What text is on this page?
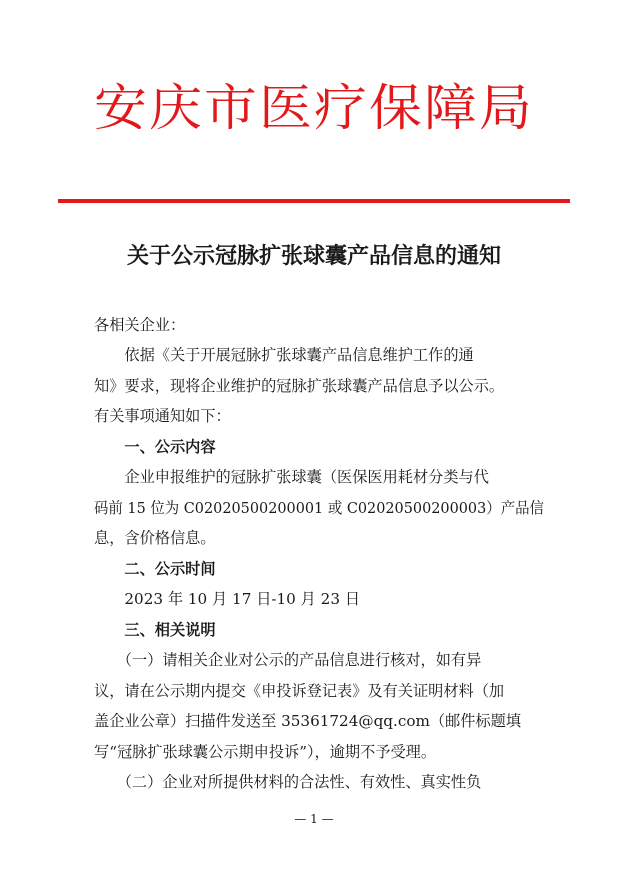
安庆市医疗保障局
关于公示冠脉扩张球囊产品信息的通知
各相关企业：
　　依据《关于开展冠脉扩张球囊产品信息维护工作的通
知》要求，现将企业维护的冠脉扩张球囊产品信息予以公示。
有关事项通知如下：
　　一、公示内容
　　企业申报维护的冠脉扩张球囊（医保医用耗材分类与代
码前 15 位为 C02020500200001 或 C02020500200003）产品信
息，含价格信息。
　　二、公示时间
　　2023 年 10 月 17 日-10 月 23 日
　　三、相关说明
　　（一）请相关企业对公示的产品信息进行核对，如有异
议，请在公示期内提交《申投诉登记表》及有关证明材料（加
盖企业公章）扫描件发送至 35361724@qq.com（邮件标题填
写“冠脉扩张球囊公示期申投诉”），逾期不予受理。
　　（二）企业对所提供材料的合法性、有效性、真实性负
— 1 —
